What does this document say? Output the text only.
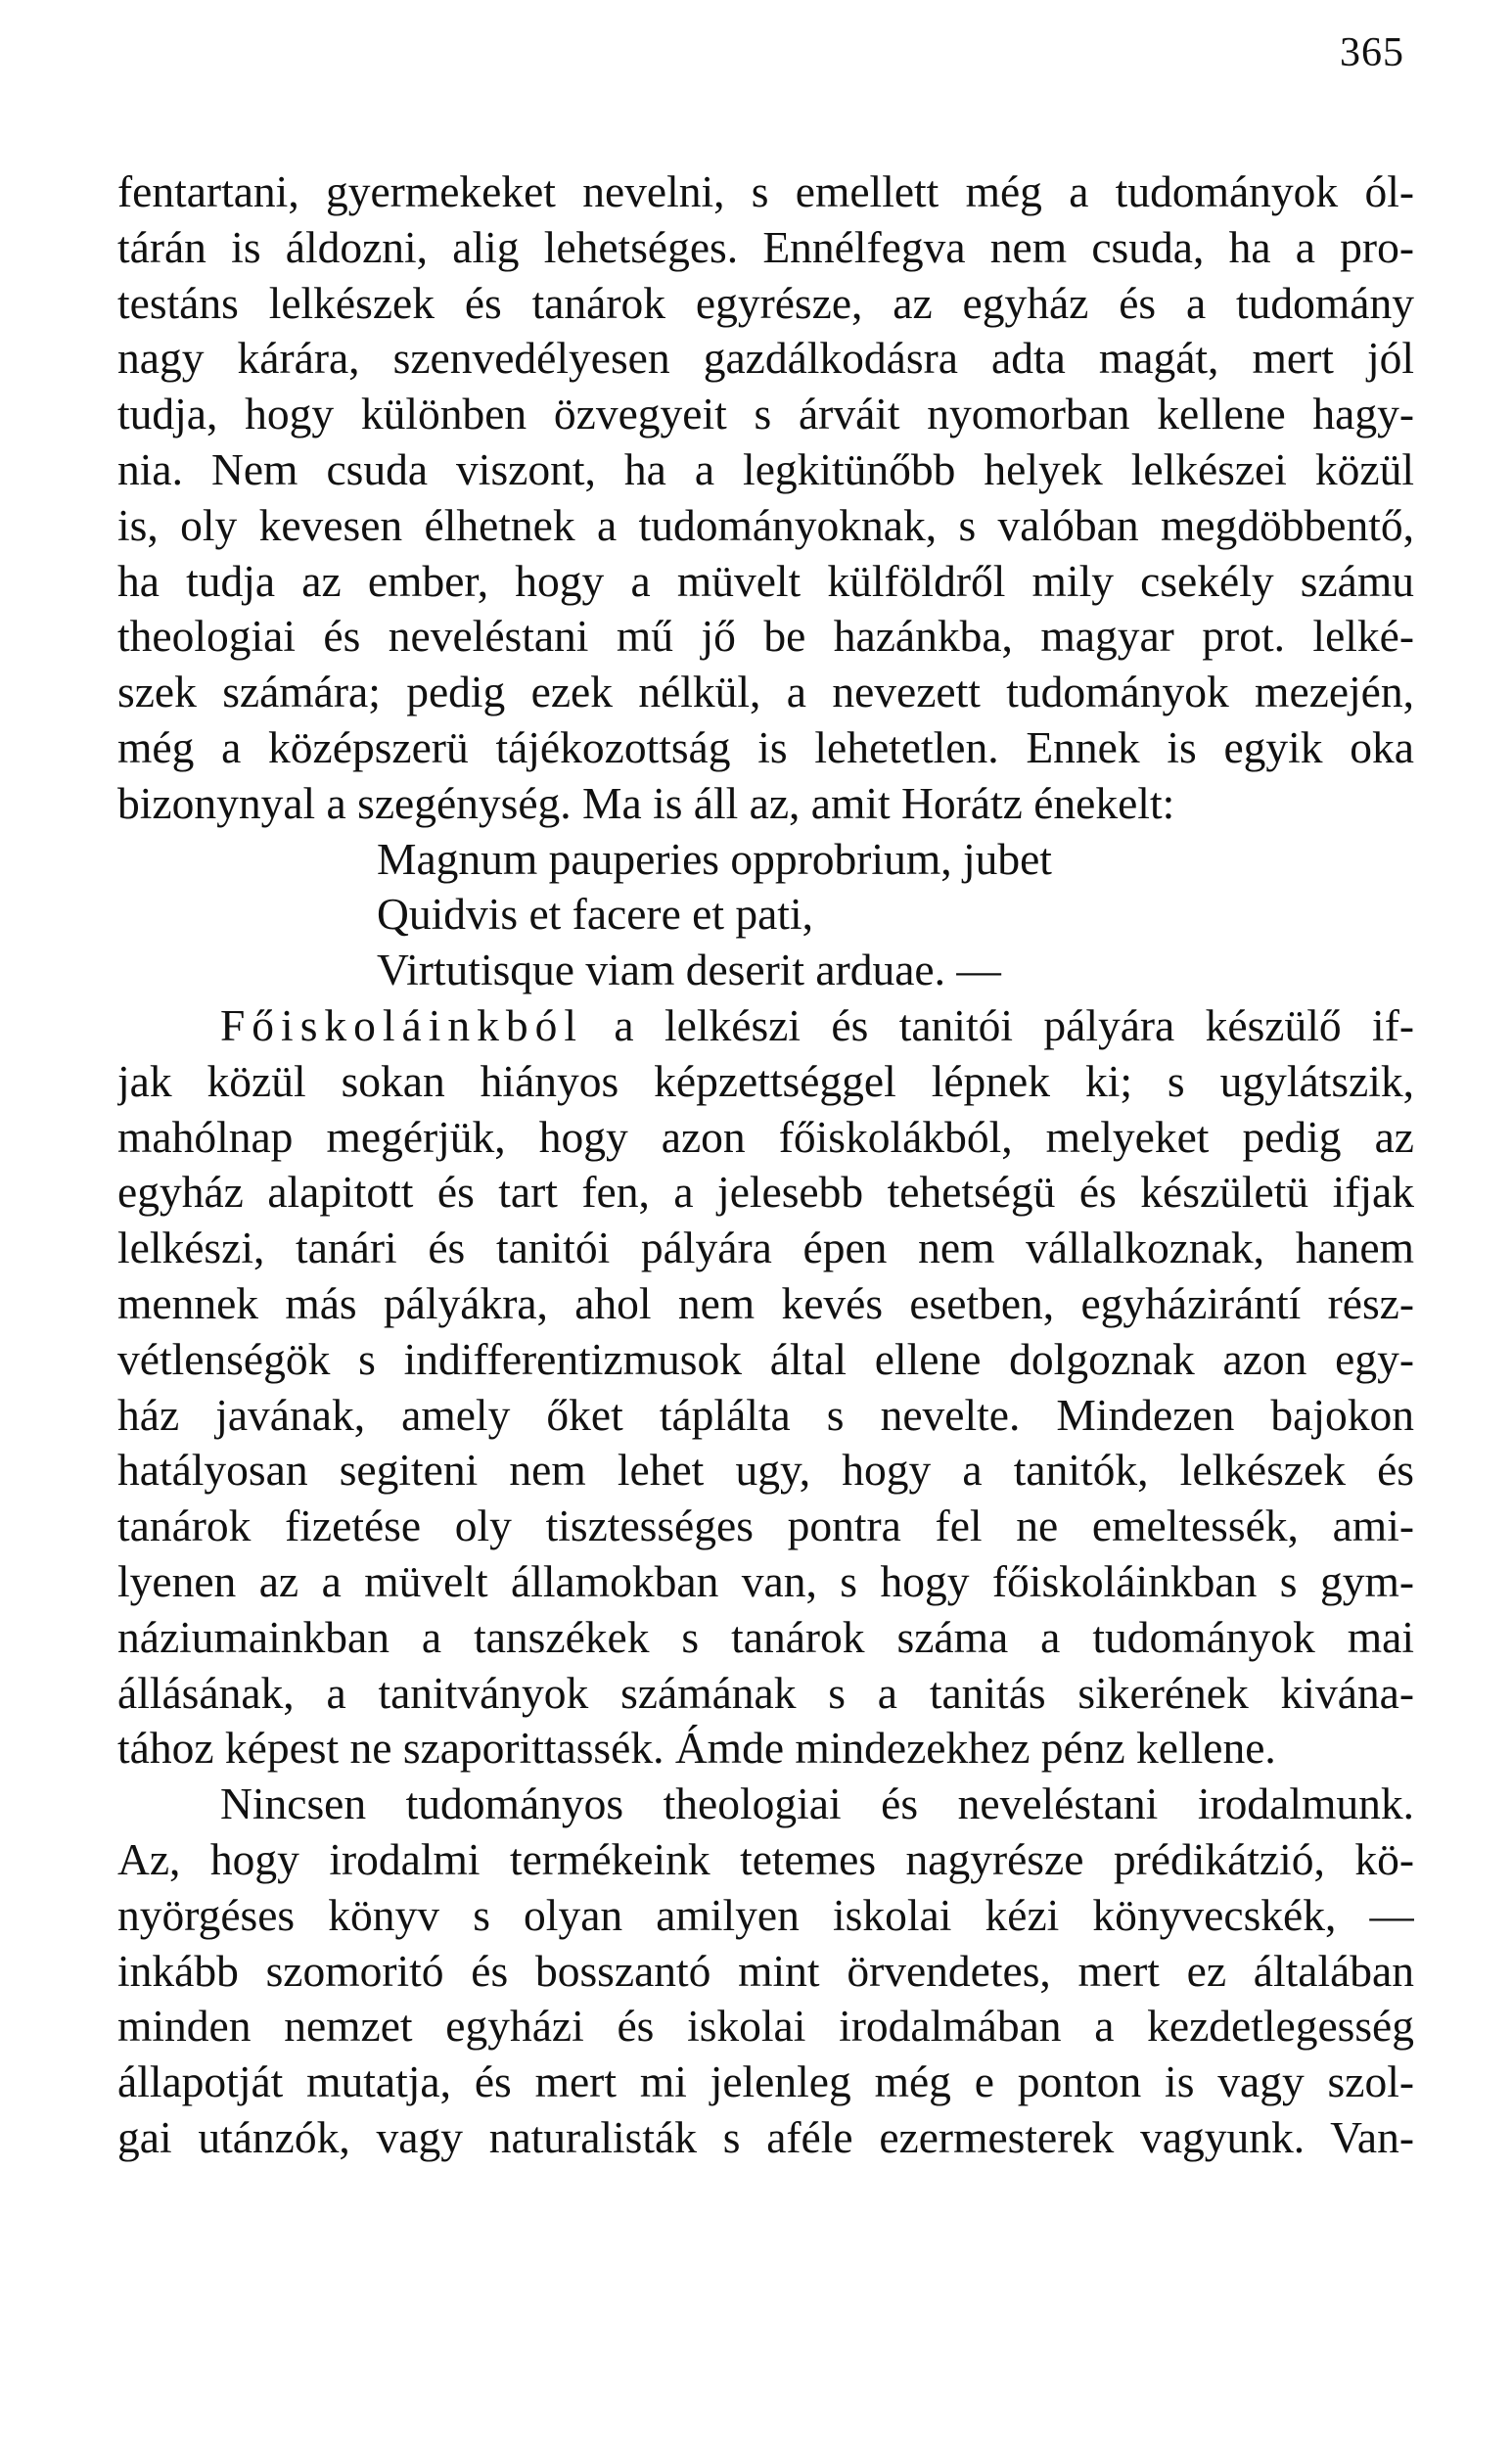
365
fentartani, gyermekeket nevelni, s emellett még a tudományok ól-
tárán is áldozni, alig lehetséges. Ennélfegva nem csuda, ha a pro-
testáns lelkészek és tanárok egyrésze, az egyház és a tudomány
nagy kárára, szenvedélyesen gazdálkodásra adta magát, mert jól
tudja, hogy különben özvegyeit s árváit nyomorban kellene hagy-
nia. Nem csuda viszont, ha a legkitünőbb helyek lelkészei közül
is, oly kevesen élhetnek a tudományoknak, s valóban megdöbbentő,
ha tudja az ember, hogy a müvelt külföldről mily csekély számu
theologiai és neveléstani mű jő be hazánkba, magyar prot. lelké-
szek számára; pedig ezek nélkül, a nevezett tudományok mezején,
még a középszerü tájékozottság is lehetetlen. Ennek is egyik oka
bizonynyal a szegénység. Ma is áll az, amit Horátz énekelt:
Magnum pauperies opprobrium, jubet
Quidvis et facere et pati,
Virtutisque viam deserit arduae. —
Főiskoláinkból a lelkészi és tanitói pályára készülő if-
jak közül sokan hiányos képzettséggel lépnek ki; s ugylátszik,
mahólnap megérjük, hogy azon főiskolákból, melyeket pedig az
egyház alapitott és tart fen, a jelesebb tehetségü és készületü ifjak
lelkészi, tanári és tanitói pályára épen nem vállalkoznak, hanem
mennek más pályákra, ahol nem kevés esetben, egyházirántí rész-
vétlenségök s indifferentizmusok által ellene dolgoznak azon egy-
ház javának, amely őket táplálta s nevelte. Mindezen bajokon
hatályosan segiteni nem lehet ugy, hogy a tanitók, lelkészek és
tanárok fizetése oly tisztességes pontra fel ne emeltessék, ami-
lyenen az a müvelt államokban van, s hogy főiskoláinkban s gym-
náziumainkban a tanszékek s tanárok száma a tudományok mai
állásának, a tanitványok számának s a tanitás sikerének kivána-
tához képest ne szaporittassék. Ámde mindezekhez pénz kellene.
Nincsen tudományos theologiai és neveléstani irodalmunk.
Az, hogy irodalmi termékeink tetemes nagyrésze prédikátzió, kö-
nyörgéses könyv s olyan amilyen iskolai kézi könyvecskék, —
inkább szomoritó és bosszantó mint örvendetes, mert ez általában
minden nemzet egyházi és iskolai irodalmában a kezdetlegesség
állapotját mutatja, és mert mi jelenleg még e ponton is vagy szol-
gai utánzók, vagy naturalisták s aféle ezermesterek vagyunk. Van-
